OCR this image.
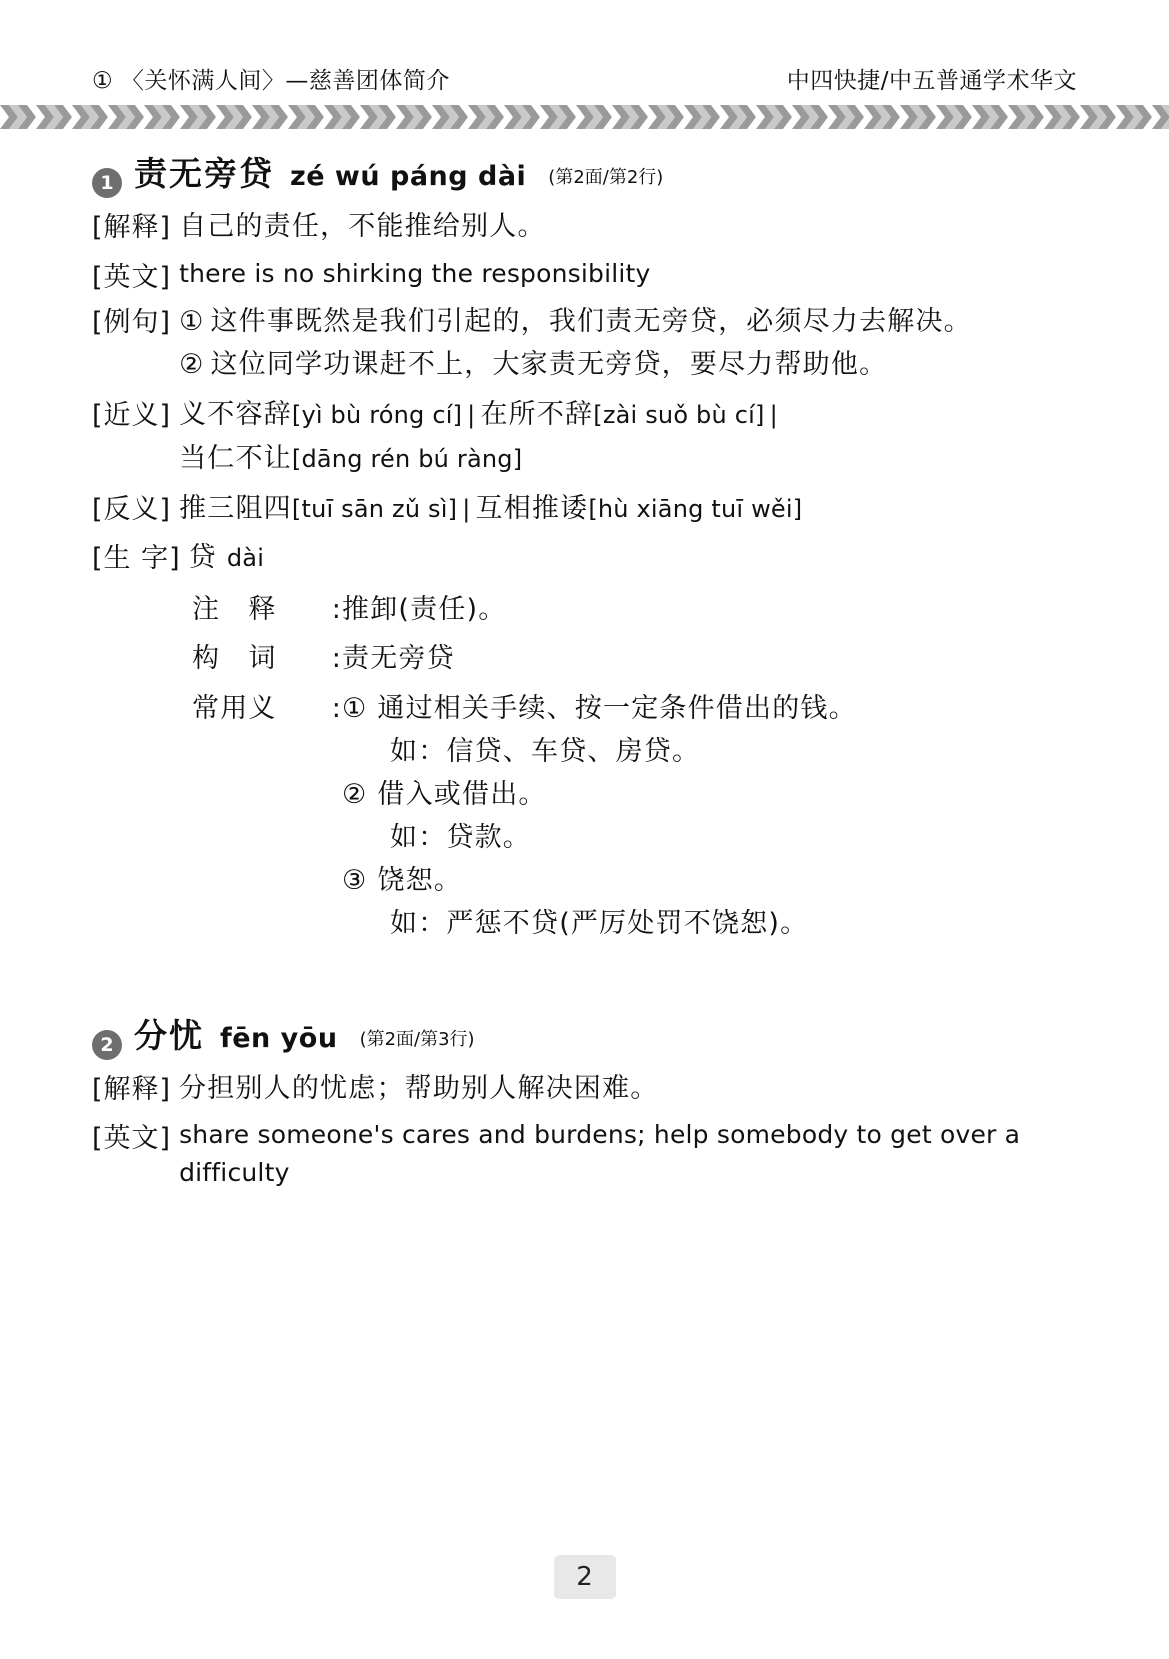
① 〈关怀满人间〉—慈善团体简介	中四快捷/中五普通学术华文
1 责无旁贷 zé wú páng dài (第2面/第2行)
[解释] 自己的责任，不能推给别人。
[英文] there is no shirking the responsibility
[例句] ① 这件事既然是我们引起的，我们责无旁贷，必须尽力去解决。
② 这位同学功课赶不上，大家责无旁贷，要尽力帮助他。
[近义] 义不容辞[yì bù róng cí] | 在所不辞[zài suǒ bù cí] |
当仁不让[dāng rén bú ràng]
[反义] 推三阻四[tuī sān zǔ sì] | 互相推诿[hù xiāng tuī wěi]
[生 字] 贷 dài
注　释 : 推卸(责任)。
构　词 : 责无旁贷
常用义 : ① 通过相关手续、按一定条件借出的钱。
如：信贷、车贷、房贷。
② 借入或借出。
如：贷款。
③ 饶恕。
如：严惩不贷(严厉处罚不饶恕)。
2 分忧 fēn yōu (第2面/第3行)
[解释] 分担别人的忧虑；帮助别人解决困难。
[英文] share someone's cares and burdens; help somebody to get over a difficulty
2
